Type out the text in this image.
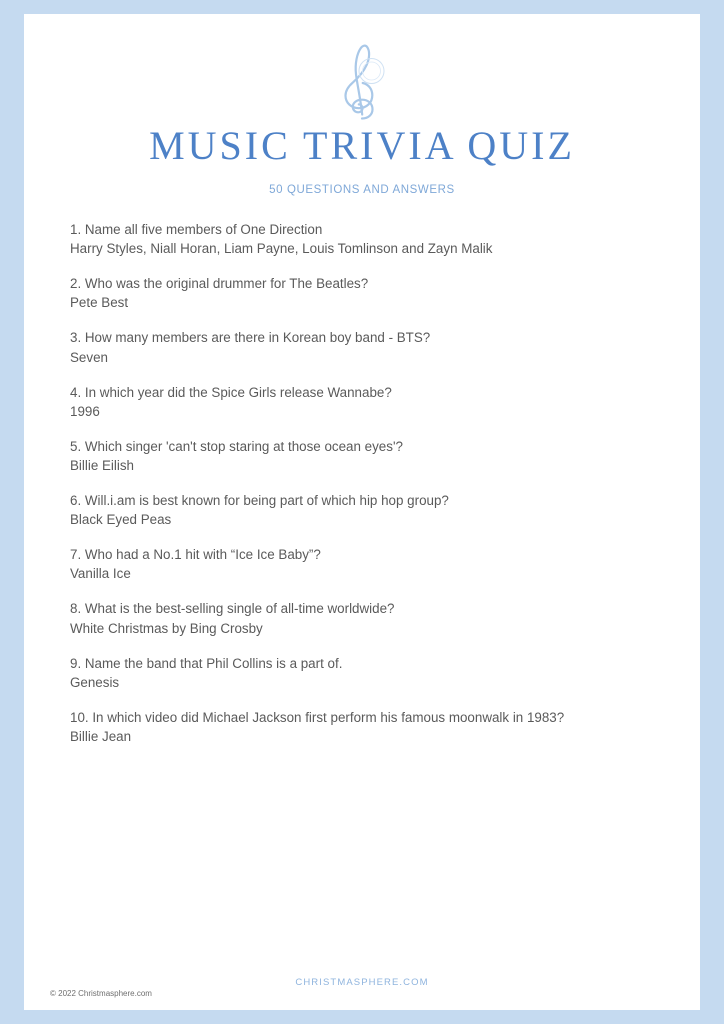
MUSIC TRIVIA QUIZ
50 QUESTIONS AND ANSWERS
1. Name all five members of One Direction
Harry Styles, Niall Horan, Liam Payne, Louis Tomlinson and Zayn Malik
2. Who was the original drummer for The Beatles?
Pete Best
3. How many members are there in Korean boy band - BTS?
Seven
4. In which year did the Spice Girls release Wannabe?
1996
5. Which singer 'can't stop staring at those ocean eyes'?
Billie Eilish
6. Will.i.am is best known for being part of which hip hop group?
Black Eyed Peas
7. Who had a No.1 hit with “Ice Ice Baby”?
Vanilla Ice
8. What is the best-selling single of all-time worldwide?
White Christmas by Bing Crosby
9. Name the band that Phil Collins is a part of.
Genesis
10. In which video did Michael Jackson first perform his famous moonwalk in 1983?
Billie Jean
CHRISTMASPHERE.COM
© 2022 Christmasphere.com
